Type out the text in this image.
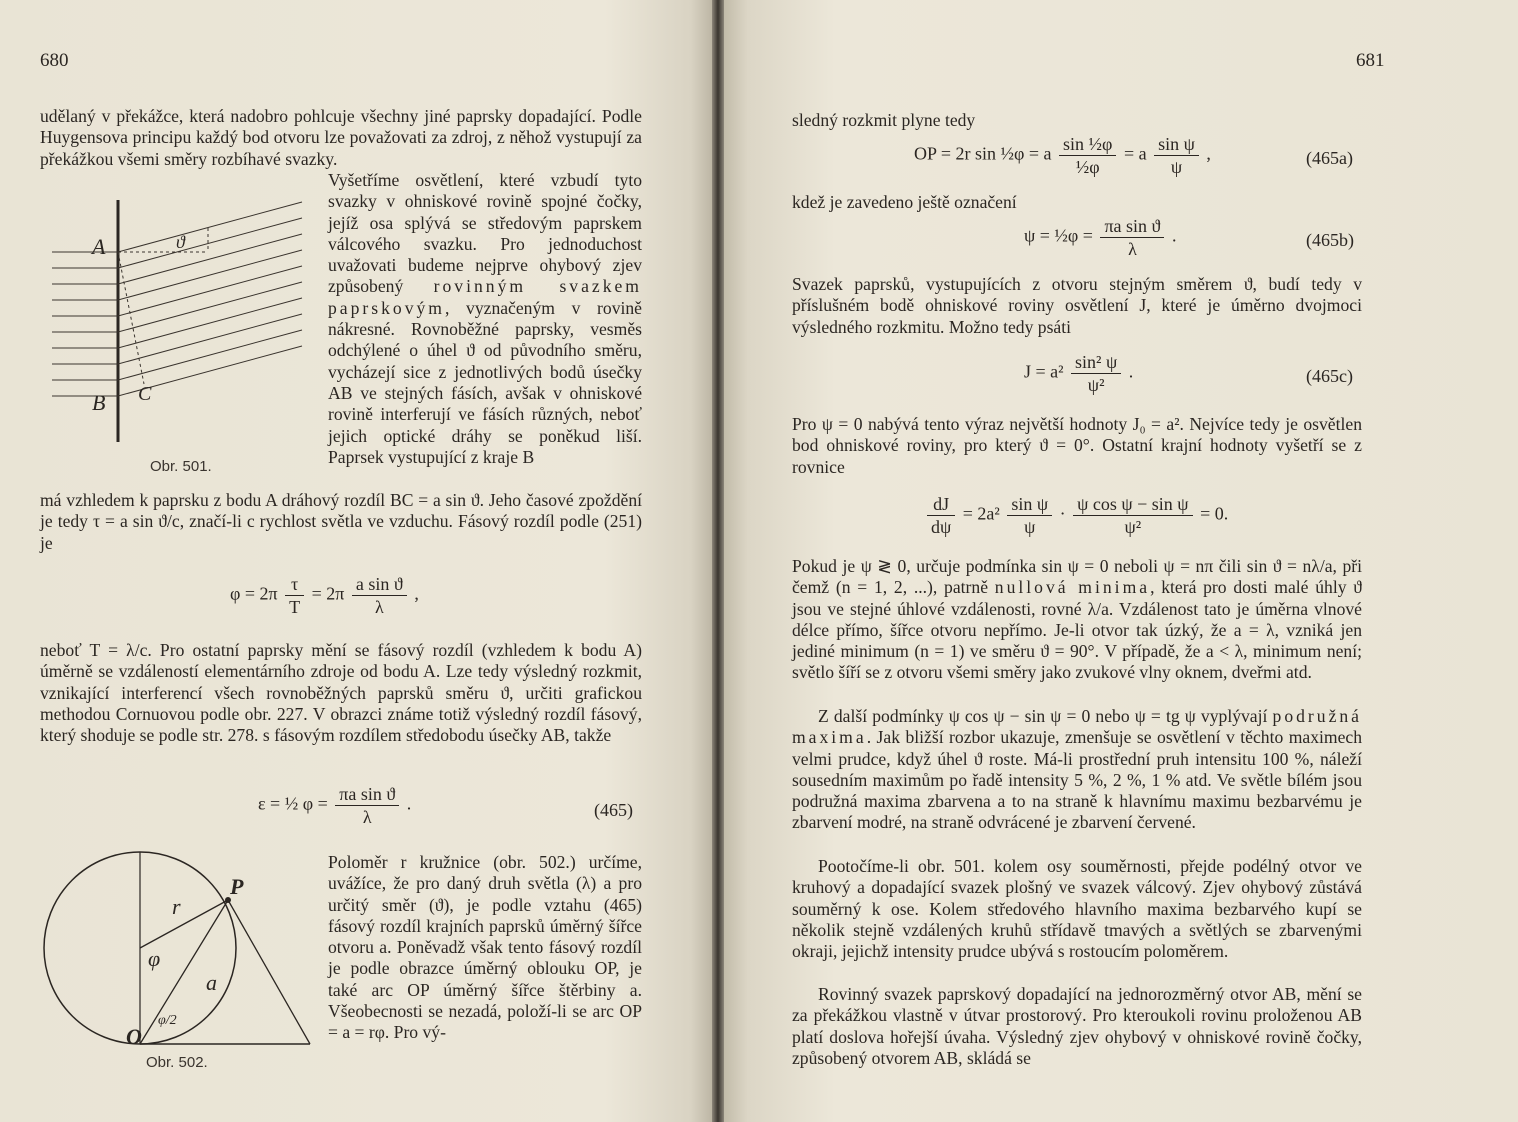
680
udělaný v překážce, která nadobro pohlcuje všechny jiné paprsky dopadající. Podle Huygensova principu každý bod otvoru lze považovati za zdroj, z něhož vystupují za překážkou všemi směry rozbíhavé svazky.
A
B C
ϑ
Obr. 501.
Vyšetříme osvětlení, které vzbudí tyto svazky v ohniskové rovině spojné čočky, jejíž osa splývá se středovým paprskem válcového svazku. Pro jednoduchost uvažovati budeme nejprve ohybový zjev způsobený rovinným svazkem paprskovým, vyznačeným v rovině nákresné. Rovnoběžné paprsky, vesměs odchýlené o úhel ϑ od původního směru, vycházejí sice z jednotlivých bodů úsečky AB ve stejných fásích, avšak v ohniskové rovině interferují ve fásích různých, neboť jejich optické dráhy se poněkud liší. Paprsek vystupující z kraje B
má vzhledem k paprsku z bodu A dráhový rozdíl BC = a sin ϑ. Jeho časové zpoždění je tedy τ = a sin ϑ/c, značí-li c rychlost světla ve vzduchu. Fásový rozdíl podle (251) je
$\varphi = 2\pi \frac{\tau}{T} = 2\pi \frac{\text{a sin ϑ}}{\lambda}$ ,
neboť T = λ/c. Pro ostatní paprsky mění se fásový rozdíl (vzhledem k bodu A) úměrně se vzdáleností elementárního zdroje od bodu A. Lze tedy výsledný rozkmit, vznikající interferencí všech rovnoběžných paprsků směru ϑ, určiti grafickou methodou Cornuovou podle obr. 227. V obrazci známe totiž výsledný rozdíl fásový, který shoduje se podle str. 278. s fásovým rozdílem středobodu úsečky AB, takže
ε = ½ $\varphi = \frac{\text{πa sin ϑ}}{\lambda}$ .	(465)
r
P
φ
a
O
φ/2
Obr. 502.
Poloměr r kružnice (obr. 502.) určíme, uvážíce, že pro daný druh světla (λ) a pro určitý směr (ϑ), je podle vztahu (465) fásový rozdíl krajních paprsků úměrný šířce otvoru a. Poněvadž však tento fásový rozdíl je podle obrazce úměrný oblouku OP, je také arc OP úměrný šířce štěrbiny a. Všeobecnosti se nezadá, položí-li se arc OP = a = rφ. Pro vý-
681
sledný rozkmit plyne tedy
OP = 2r sin ½φ = a $\frac{\text{sin ½φ}}{\text{½φ}} = a \frac{\text{sin ψ}}{\psi}$ ,	(465a)
kdež je zavedeno ještě označení
ψ = ½φ = $\frac{\text{πa sin ϑ}}{\lambda}$ .	(465b)
Svazek paprsků, vystupujících z otvoru stejným směrem ϑ, budí tedy v příslušném bodě ohniskové roviny osvětlení J, které je úměrno dvojmoci výsledného rozkmitu. Možno tedy psáti
$J = a^2 \frac{\text{sin² ψ}}{\text{ψ²}}$ .	(465c)
Pro ψ = 0 nabývá tento výraz největší hodnoty J₀ = a². Nejvíce tedy je osvětlen bod ohniskové roviny, pro který ϑ = 0°. Ostatní krajní hodnoty vyšetří se z rovnice
$\frac{dJ}{d\psi} = 2a^2 \frac{\text{sin ψ}}{\psi} \cdot \frac{\text{ψ cos ψ − sin ψ}}{\text{ψ²}} = 0$.
Pokud je ψ ≷ 0, určuje podmínka sin ψ = 0 neboli ψ = nπ čili sin ϑ = nλ/a, při čemž (n = 1, 2, ...), patrně nullová minima, která pro dosti malé úhly ϑ jsou ve stejné úhlové vzdálenosti, rovné λ/a. Vzdálenost tato je úměrna vlnové délce přímo, šířce otvoru nepřímo. Je-li otvor tak úzký, že a = λ, vzniká jen jediné minimum (n = 1) ve směru ϑ = 90°. V případě, že a < λ, minimum není; světlo šíří se z otvoru všemi směry jako zvukové vlny oknem, dveřmi atd.
Z další podmínky ψ cos ψ − sin ψ = 0 nebo ψ = tg ψ vyplývají podružná maxima. Jak bližší rozbor ukazuje, zmenšuje se osvětlení v těchto maximech velmi prudce, když úhel ϑ roste. Má-li prostřední pruh intensitu 100 %, náleží sousedním maximům po řadě intensity 5 %, 2 %, 1 % atd. Ve světle bílém jsou podružná maxima zbarvena a to na straně k hlavnímu maximu bezbarvému je zbarvení modré, na straně odvrácené je zbarvení červené.
Pootočíme-li obr. 501. kolem osy souměrnosti, přejde podélný otvor ve kruhový a dopadající svazek plošný ve svazek válcový. Zjev ohybový zůstává souměrný k ose. Kolem středového hlavního maxima bezbarvého kupí se několik stejně vzdálených kruhů střídavě tmavých a světlých se zbarvenými okraji, jejichž intensity prudce ubývá s rostoucím poloměrem.
Rovinný svazek paprskový dopadající na jednorozměrný otvor AB, mění se za překážkou vlastně v útvar prostorový. Pro kteroukoli rovinu proloženou AB platí doslova hořejší úvaha. Výsledný zjev ohybový v ohniskové rovině čočky, způsobený otvorem AB, skládá se
